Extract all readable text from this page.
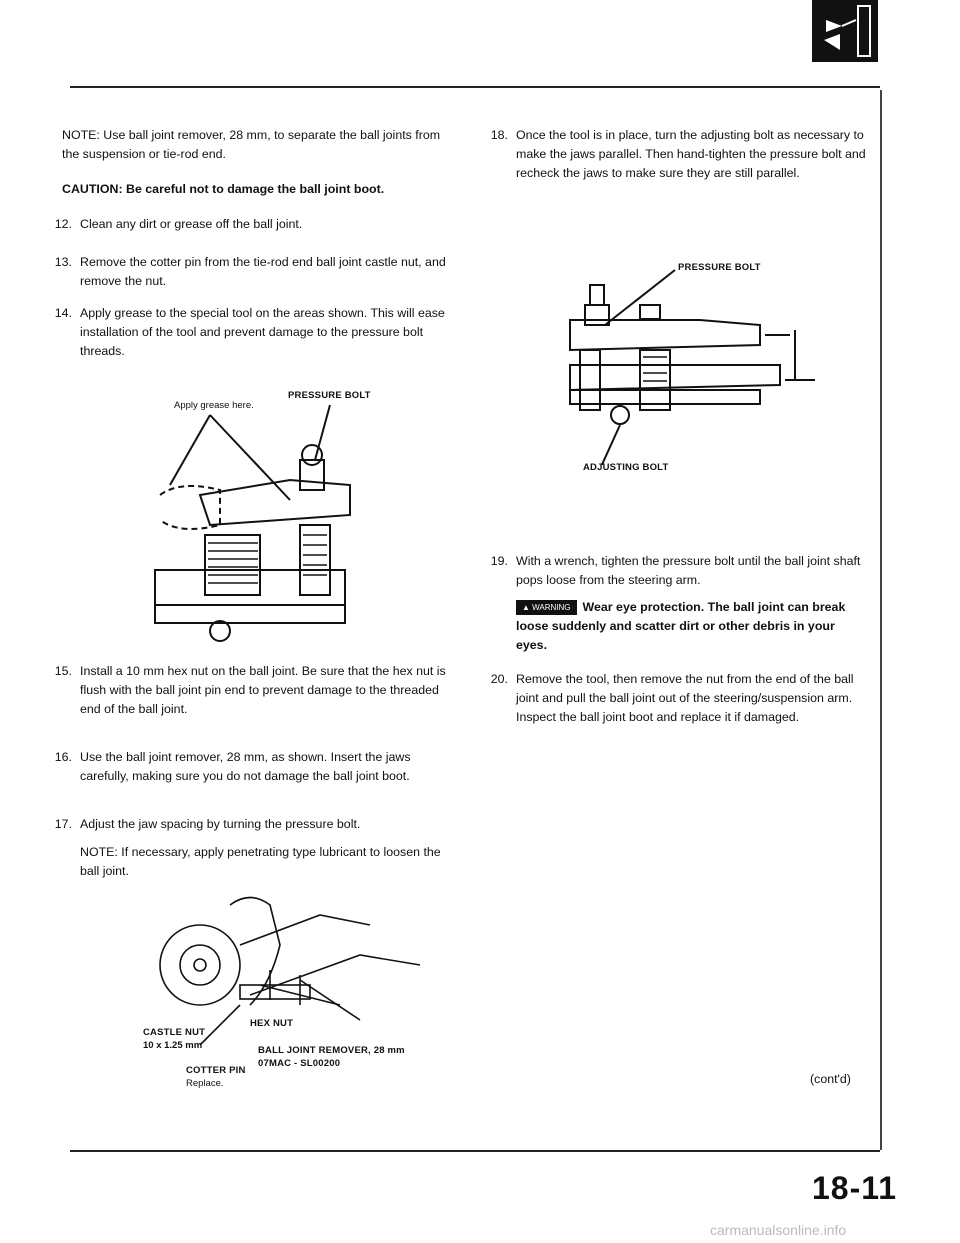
NOTE: Use ball joint remover, 28 mm, to separate the ball joints from the suspension or tie-rod end.
CAUTION: Be careful not to damage the ball joint boot.
12. Clean any dirt or grease off the ball joint.
13. Remove the cotter pin from the tie-rod end ball joint castle nut, and remove the nut.
14. Apply grease to the special tool on the areas shown. This will ease installation of the tool and prevent damage to the pressure bolt threads.
Apply grease here.
PRESSURE BOLT
15. Install a 10 mm hex nut on the ball joint. Be sure that the hex nut is flush with the ball joint pin end to prevent damage to the threaded end of the ball joint.
16. Use the ball joint remover, 28 mm, as shown. Insert the jaws carefully, making sure you do not damage the ball joint boot.
17. Adjust the jaw spacing by turning the pressure bolt.
NOTE: If necessary, apply penetrating type lubricant to loosen the ball joint.
CASTLE NUT
10 x 1.25 mm
HEX NUT
COTTER PIN
Replace.
BALL JOINT REMOVER, 28 mm
07MAC - SL00200
18. Once the tool is in place, turn the adjusting bolt as necessary to make the jaws parallel. Then hand-tighten the pressure bolt and recheck the jaws to make sure they are still parallel.
PRESSURE BOLT
ADJUSTING BOLT
19. With a wrench, tighten the pressure bolt until the ball joint shaft pops loose from the steering arm.
▲ WARNING Wear eye protection. The ball joint can break loose suddenly and scatter dirt or other debris in your eyes.
20. Remove the tool, then remove the nut from the end of the ball joint and pull the ball joint out of the steering/suspension arm. Inspect the ball joint boot and replace it if damaged.
(cont'd)
18-11
carmanualsonline.info
